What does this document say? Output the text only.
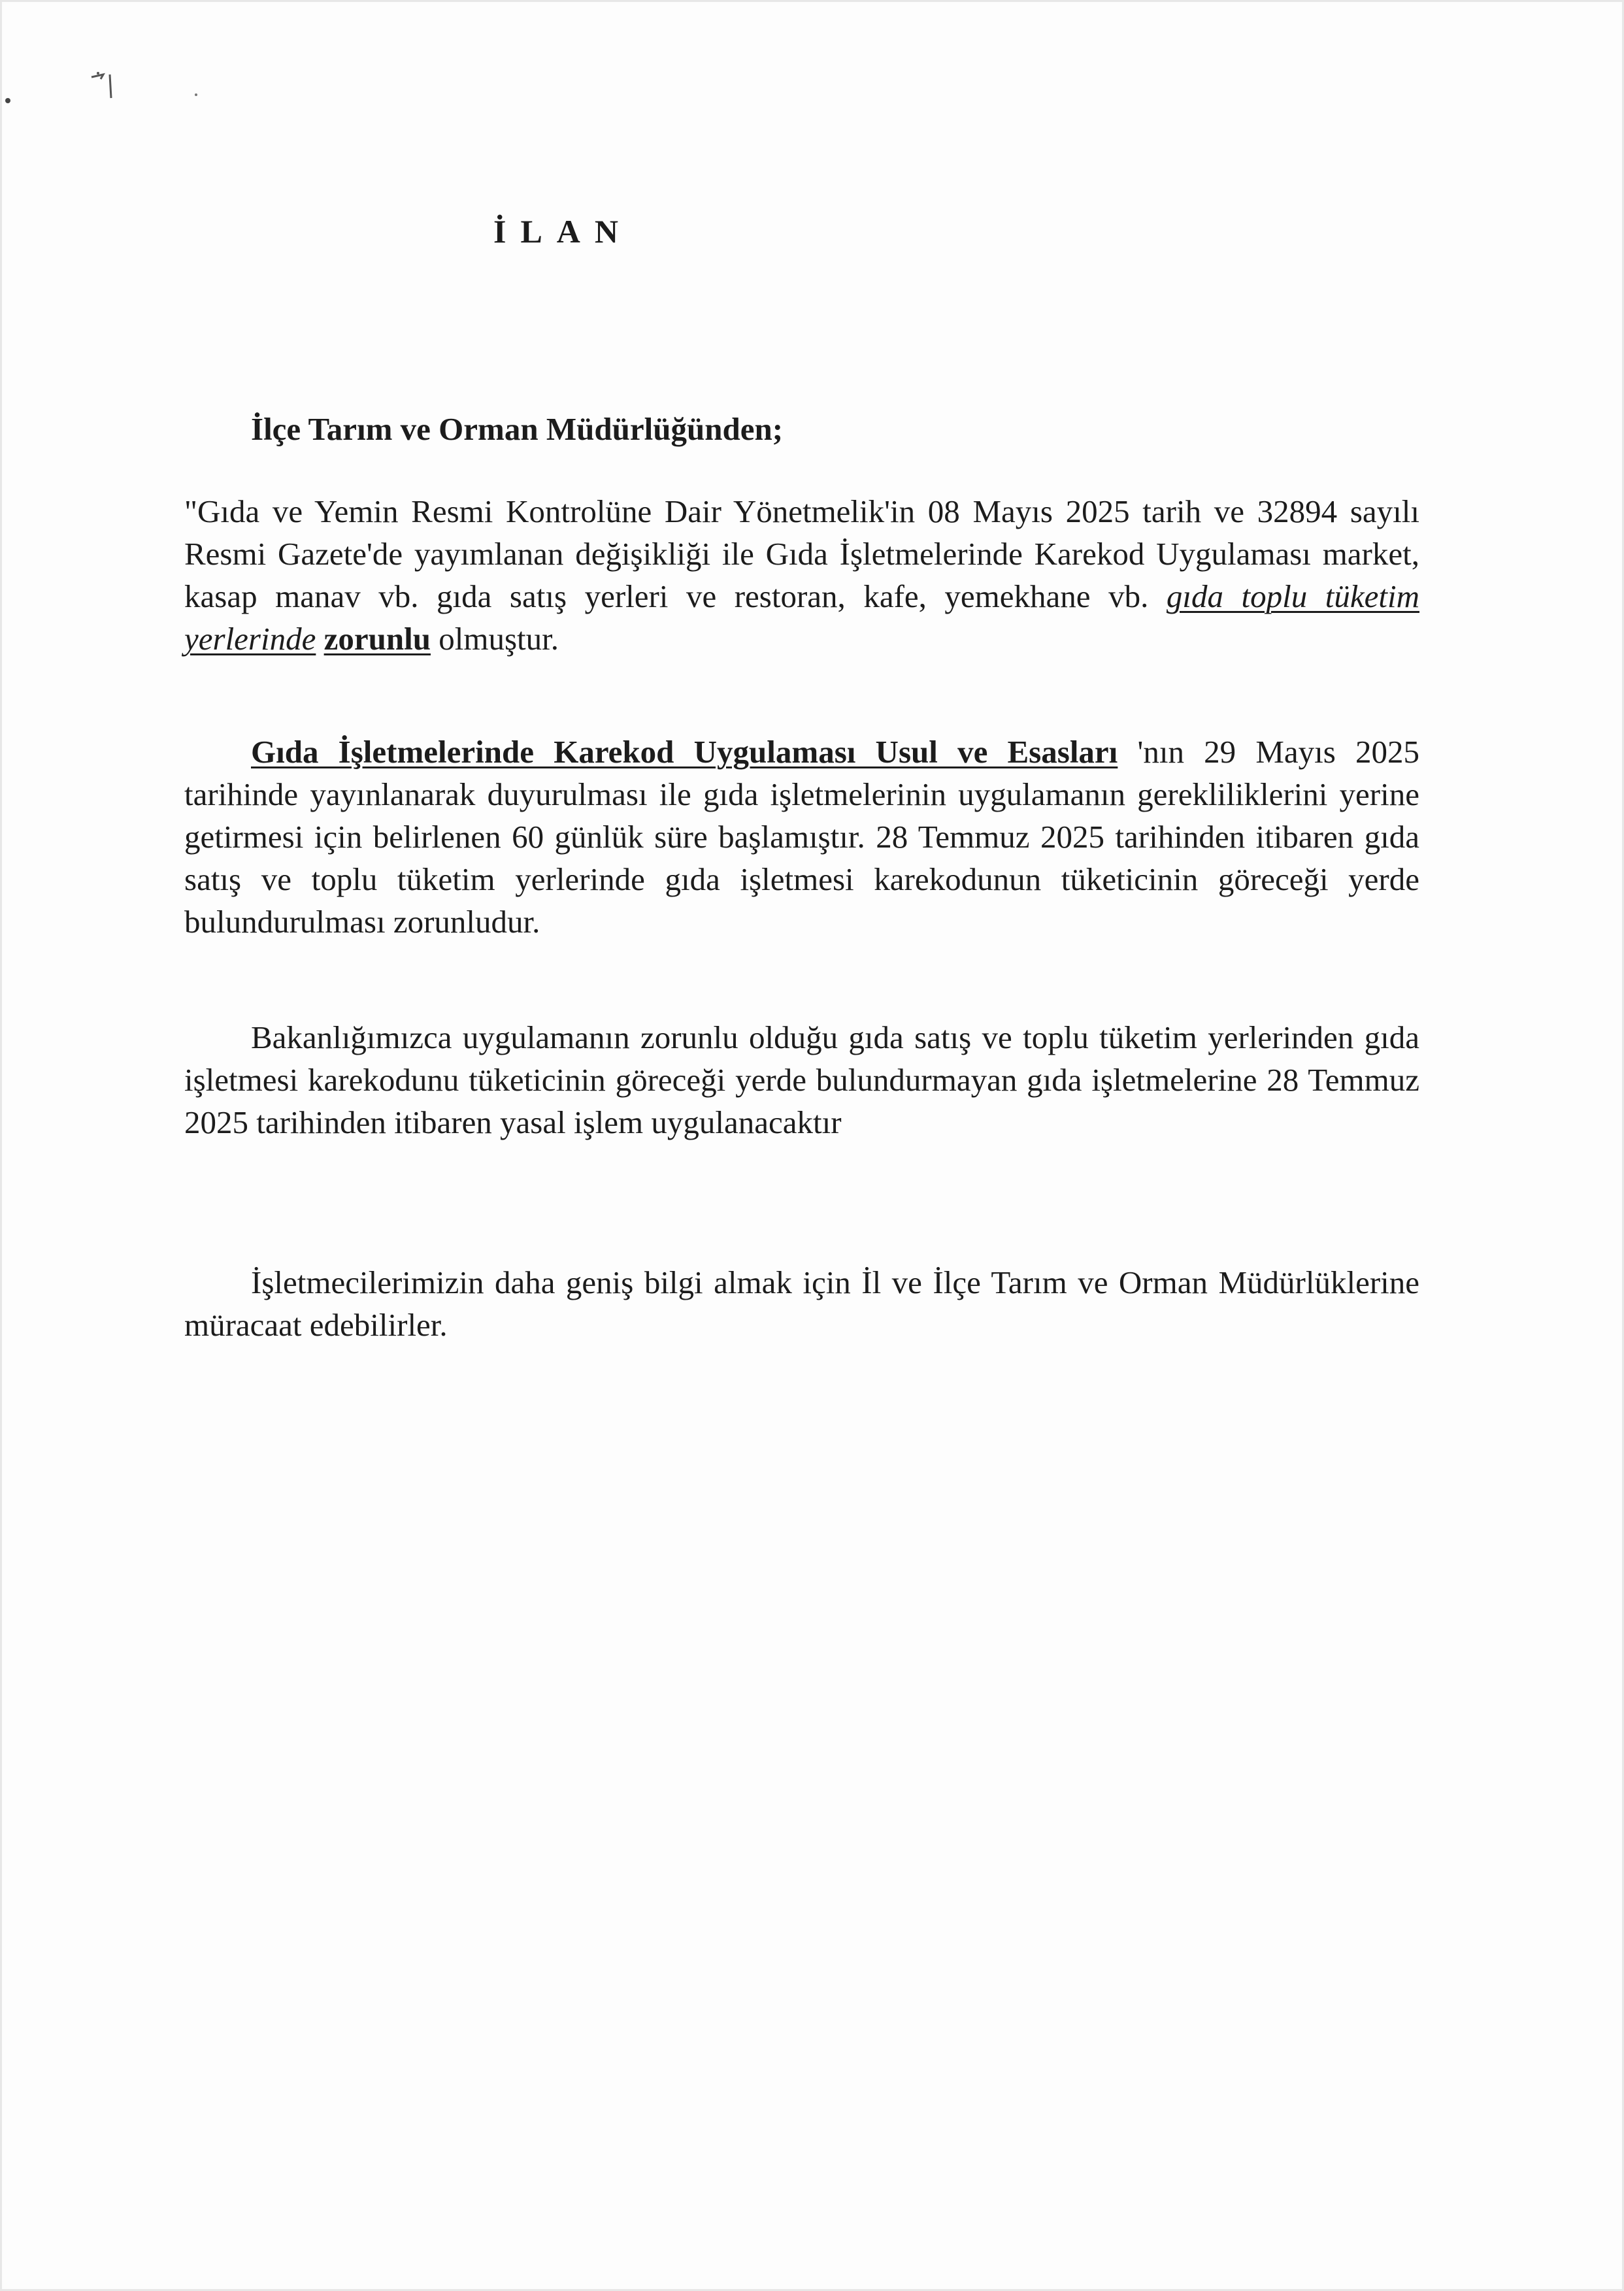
İLAN
İlçe Tarım ve Orman Müdürlüğünden;

"Gıda ve Yemin Resmi Kontrolüne Dair Yönetmelik'in 08 Mayıs 2025 tarih ve 32894 sayılı Resmi Gazete'de yayımlanan değişikliği ile Gıda İşletmelerinde Karekod Uygulaması market, kasap manav vb. gıda satış yerleri ve restoran, kafe, yemekhane vb. gıda toplu tüketim yerlerinde zorunlu olmuştur.

Gıda İşletmelerinde Karekod Uygulaması Usul ve Esasları 'nın 29 Mayıs 2025 tarihinde yayınlanarak duyurulması ile gıda işletmelerinin uygulamanın gerekliliklerini yerine getirmesi için belirlenen 60 günlük süre başlamıştır. 28 Temmuz 2025 tarihinden itibaren gıda satış ve toplu tüketim yerlerinde gıda işletmesi karekodunun tüketicinin göreceği yerde bulundurulması zorunludur.

Bakanlığımızca uygulamanın zorunlu olduğu gıda satış ve toplu tüketim yerlerinden gıda işletmesi karekodunu tüketicinin göreceği yerde bulundurmayan gıda işletmelerine 28 Temmuz 2025 tarihinden itibaren yasal işlem uygulanacaktır

İşletmecilerimizin daha geniş bilgi almak için İl ve İlçe Tarım ve Orman Müdürlüklerine müracaat edebilirler.
